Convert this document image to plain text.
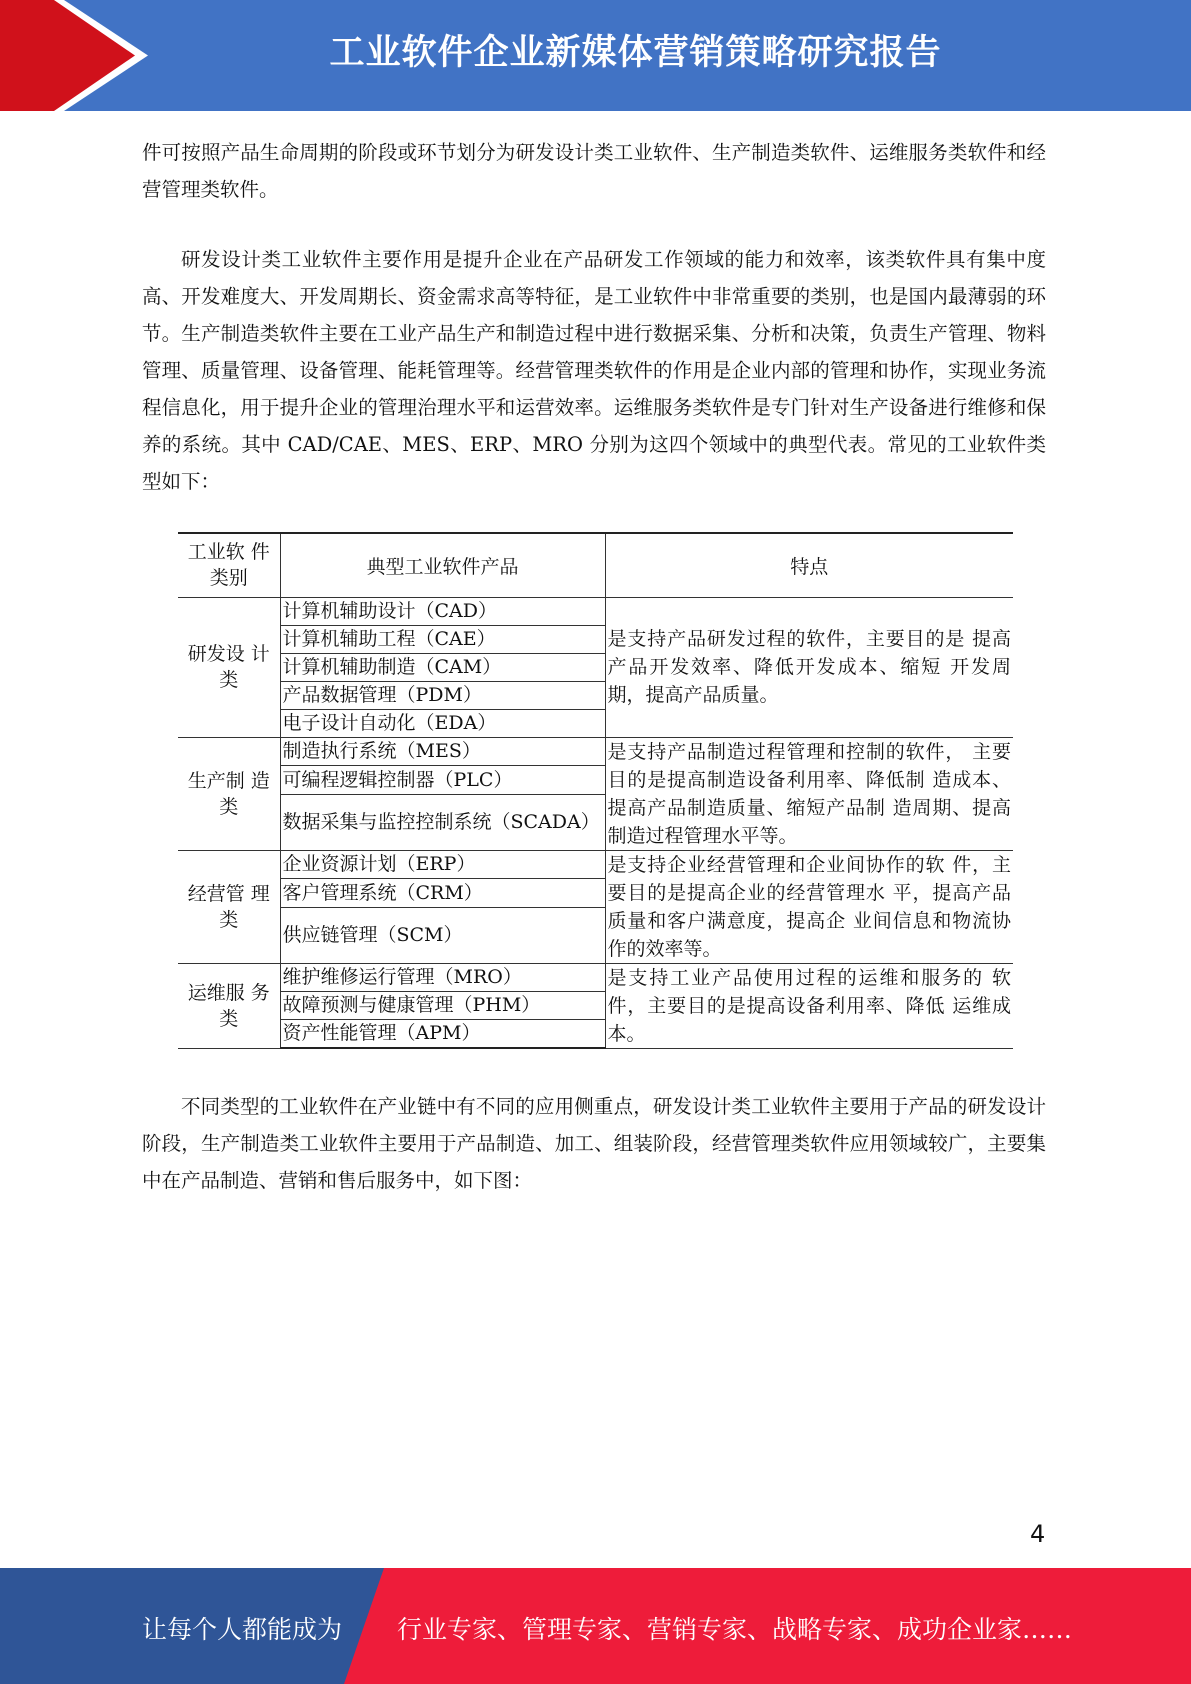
工业软件企业新媒体营销策略研究报告

件可按照产品生命周期的阶段或环节划分为研发设计类工业软件、生产制造类软件、运维服务类软件和经营管理类软件。

研发设计类工业软件主要作用是提升企业在产品研发工作领域的能力和效率，该类软件具有集中度高、开发难度大、开发周期长、资金需求高等特征，是工业软件中非常重要的类别，也是国内最薄弱的环节。生产制造类软件主要在工业产品生产和制造过程中进行数据采集、分析和决策，负责生产管理、物料管理、质量管理、设备管理、能耗管理等。经营管理类软件的作用是企业内部的管理和协作，实现业务流程信息化，用于提升企业的管理治理水平和运营效率。运维服务类软件是专门针对生产设备进行维修和保养的系统。其中 CAD/CAE、MES、ERP、MRO 分别为这四个领域中的典型代表。常见的工业软件类型如下：

工业软 件类别	典型工业软件产品	特点
研发设 计类	计算机辅助设计（CAD）	是支持产品研发过程的软件，主要目的是 提高产品开发效率、降低开发成本、缩短 开发周期，提高产品质量。
	计算机辅助工程（CAE）	
	计算机辅助制造（CAM）	
	产品数据管理（PDM）	
	电子设计自动化（EDA）	
生产制 造类	制造执行系统（MES）	是支持产品制造过程管理和控制的软件， 主要目的是提高制造设备利用率、降低制 造成本、提高产品制造质量、缩短产品制 造周期、提高制造过程管理水平等。
	可编程逻辑控制器（PLC）	
	数据采集与监控控制系统（SCADA）	
经营管 理类	企业资源计划（ERP）	是支持企业经营管理和企业间协作的软 件，主要目的是提高企业的经营管理水 平，提高产品质量和客户满意度，提高企 业间信息和物流协作的效率等。
	客户管理系统（CRM）	
	供应链管理（SCM）	
运维服 务类	维护维修运行管理（MRO）	是支持工业产品使用过程的运维和服务的 软件，主要目的是提高设备利用率、降低 运维成本。
	故障预测与健康管理（PHM）	
	资产性能管理（APM）	

不同类型的工业软件在产业链中有不同的应用侧重点，研发设计类工业软件主要用于产品的研发设计阶段，生产制造类工业软件主要用于产品制造、加工、组装阶段，经营管理类软件应用领域较广，主要集中在产品制造、营销和售后服务中，如下图：

4
让每个人都能成为 行业专家、管理专家、营销专家、战略专家、成功企业家……
